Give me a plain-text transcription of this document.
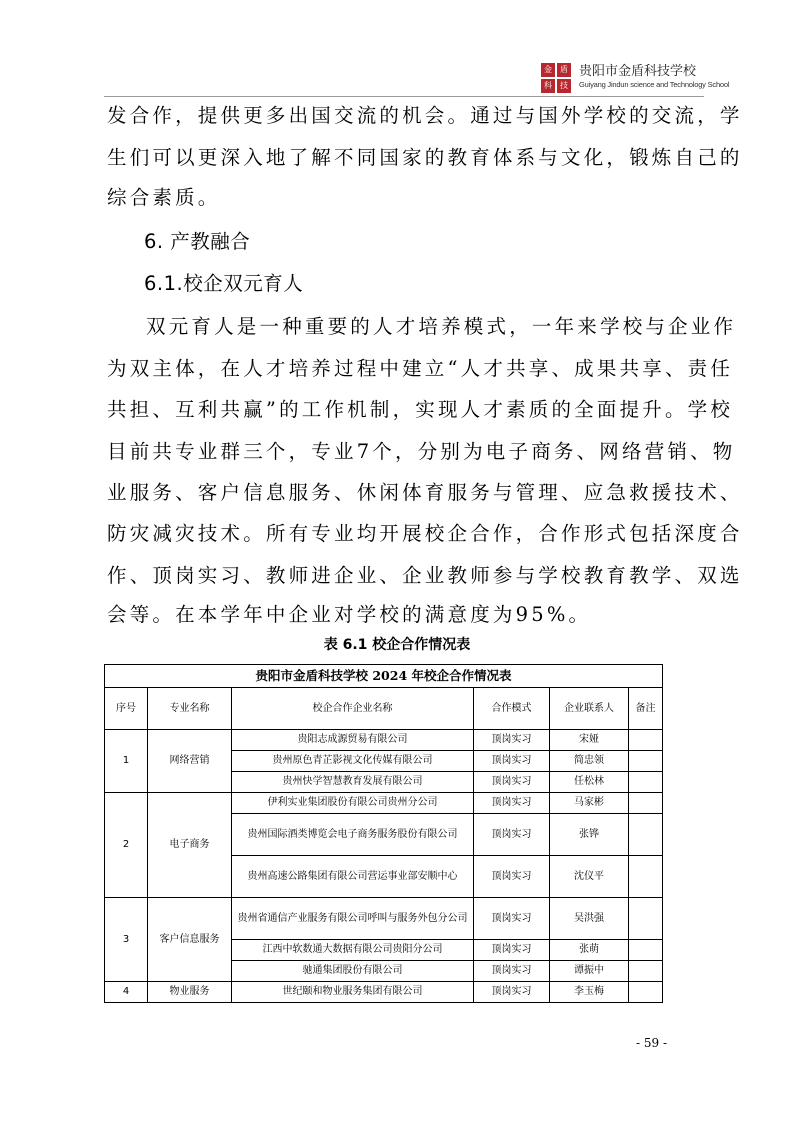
金	盾
科	技
贵阳市金盾科技学校
Guiyang Jindun science and Technology School
发合作，提供更多出国交流的机会。通过与国外学校的交流，学
生们可以更深入地了解不同国家的教育体系与文化，锻炼自己的
综合素质。
6. 产教融合
6.1.校企双元育人
双元育人是一种重要的人才培养模式，一年来学校与企业作
为双主体，在人才培养过程中建立“人才共享、成果共享、责任
共担、互利共赢”的工作机制，实现人才素质的全面提升。学校
目前共专业群三个，专业7个，分别为电子商务、网络营销、物
业服务、客户信息服务、休闲体育服务与管理、应急救援技术、
防灾减灾技术。所有专业均开展校企合作，合作形式包括深度合
作、顶岗实习、教师进企业、企业教师参与学校教育教学、双选
会等。在本学年中企业对学校的满意度为95%。
表 6.1 校企合作情况表
贵阳市金盾科技学校 2024 年校企合作情况表					
序号	专业名称	校企合作企业名称	合作模式	企业联系人	备注
1	网络营销	贵阳志成源贸易有限公司	顶岗实习	宋娅	
		贵州原色青芷影视文化传媒有限公司	顶岗实习	简忠领	
		贵州快学智慧教育发展有限公司	顶岗实习	任松林	
2	电子商务	伊利实业集团股份有限公司贵州分公司	顶岗实习	马家彬	
		贵州国际酒类博览会电子商务服务股份有限公司	顶岗实习	张铧	
		贵州高速公路集团有限公司营运事业部安顺中心	顶岗实习	沈仪平	
3	客户信息服务	贵州省通信产业服务有限公司呼叫与服务外包分公司	顶岗实习	吴洪强	
		江西中软数通大数据有限公司贵阳分公司	顶岗实习	张萌	
		驰通集团股份有限公司	顶岗实习	谭振中	
4	物业服务	世纪颐和物业服务集团有限公司	顶岗实习	李玉梅	
- 59 -
